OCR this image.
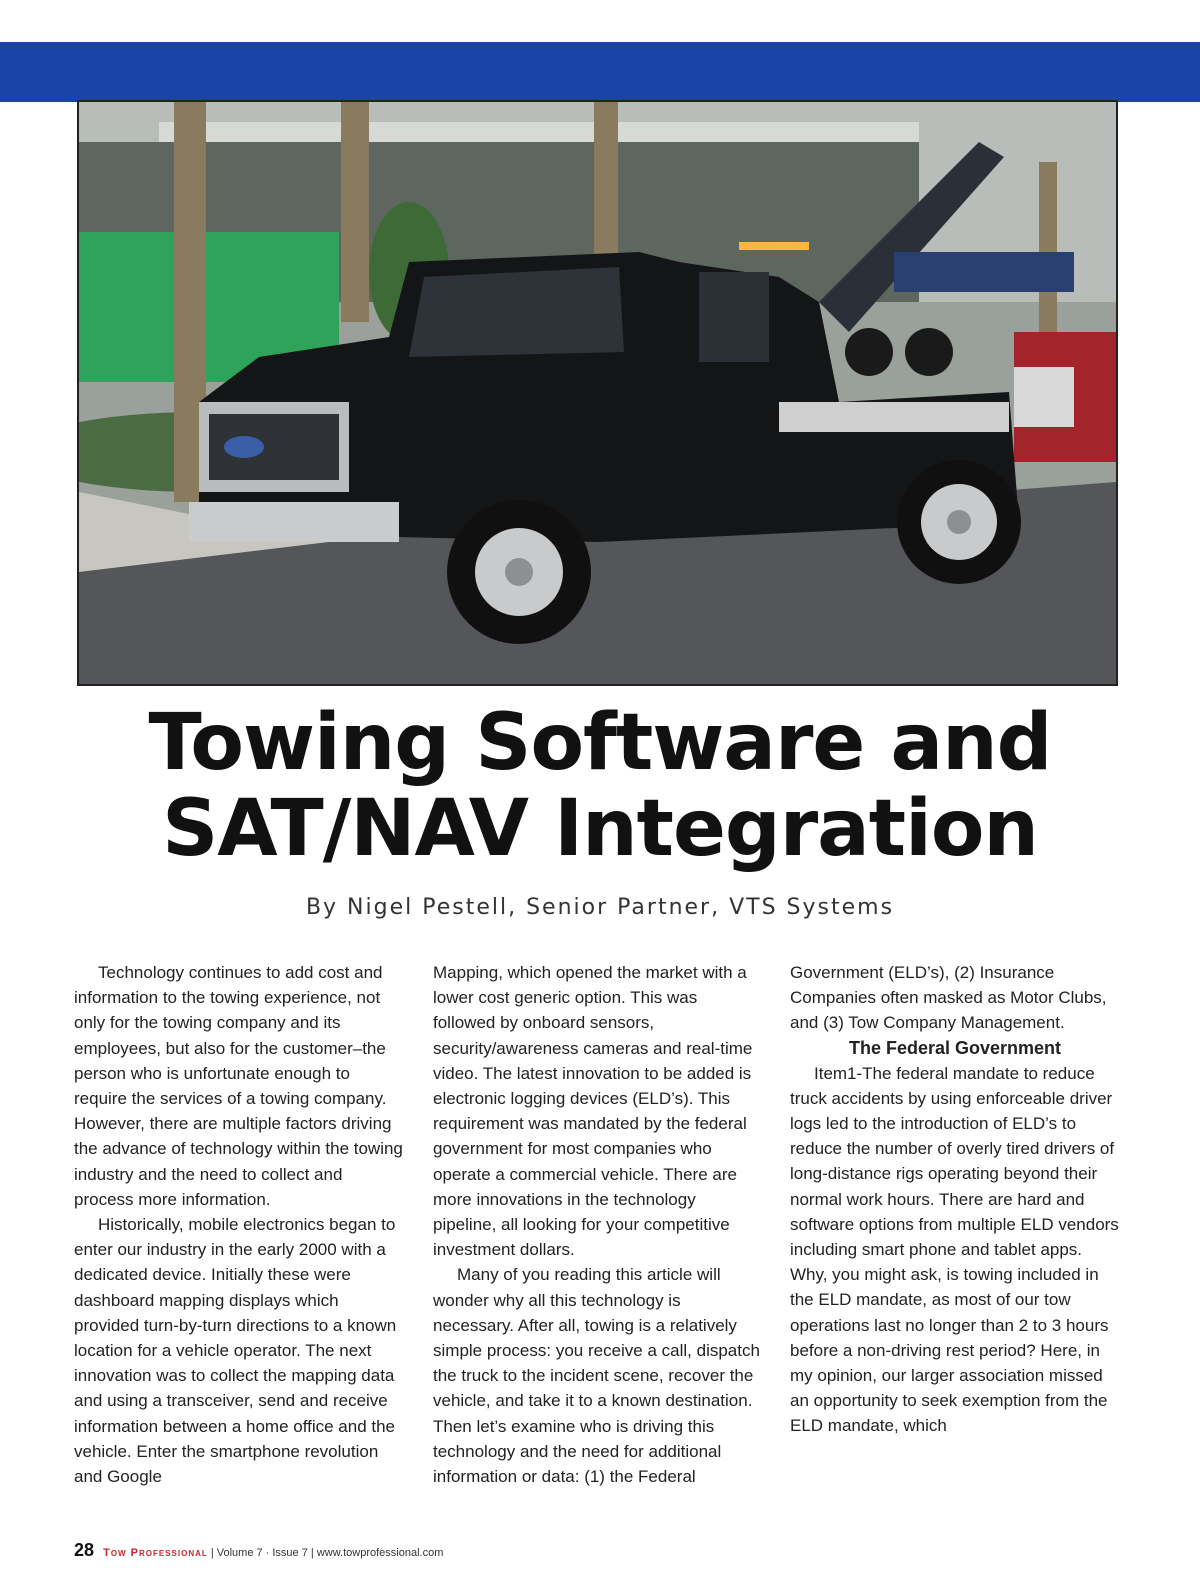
Towing Software and
SAT/NAV Integration

By Nigel Pestell, Senior Partner, VTS Systems

Technology continues to add cost and information to the towing experience, not only for the towing company and its employees, but also for the customer–the person who is unfortunate enough to require the services of a towing company. However, there are multiple factors driving the advance of technology within the towing industry and the need to collect and process more information.

Historically, mobile electronics began to enter our industry in the early 2000 with a dedicated device. Initially these were dashboard mapping displays which provided turn-by-turn directions to a known location for a vehicle operator. The next innovation was to collect the mapping data and using a transceiver, send and receive information between a home office and the vehicle. Enter the smartphone revolution and Google

Mapping, which opened the market with a lower cost generic option. This was followed by onboard sensors, security/awareness cameras and real-time video. The latest innovation to be added is electronic logging devices (ELD’s). This requirement was mandated by the federal government for most companies who operate a commercial vehicle. There are more innovations in the technology pipeline, all looking for your competitive investment dollars.

Many of you reading this article will wonder why all this technology is necessary. After all, towing is a relatively simple process: you receive a call, dispatch the truck to the incident scene, recover the vehicle, and take it to a known destination. Then let’s examine who is driving this technology and the need for additional information or data: (1) the Federal

Government (ELD’s), (2) Insurance Companies often masked as Motor Clubs, and (3) Tow Company Management.

The Federal Government

Item1-The federal mandate to reduce truck accidents by using enforceable driver logs led to the introduction of ELD’s to reduce the number of overly tired drivers of long-distance rigs operating beyond their normal work hours. There are hard and software options from multiple ELD vendors including smart phone and tablet apps. Why, you might ask, is towing included in the ELD mandate, as most of our tow operations last no longer than 2 to 3 hours before a non-driving rest period? Here, in my opinion, our larger association missed an opportunity to seek exemption from the ELD mandate, which

28 Tow Professional | Volume 7 · Issue 7 | www.towprofessional.com
